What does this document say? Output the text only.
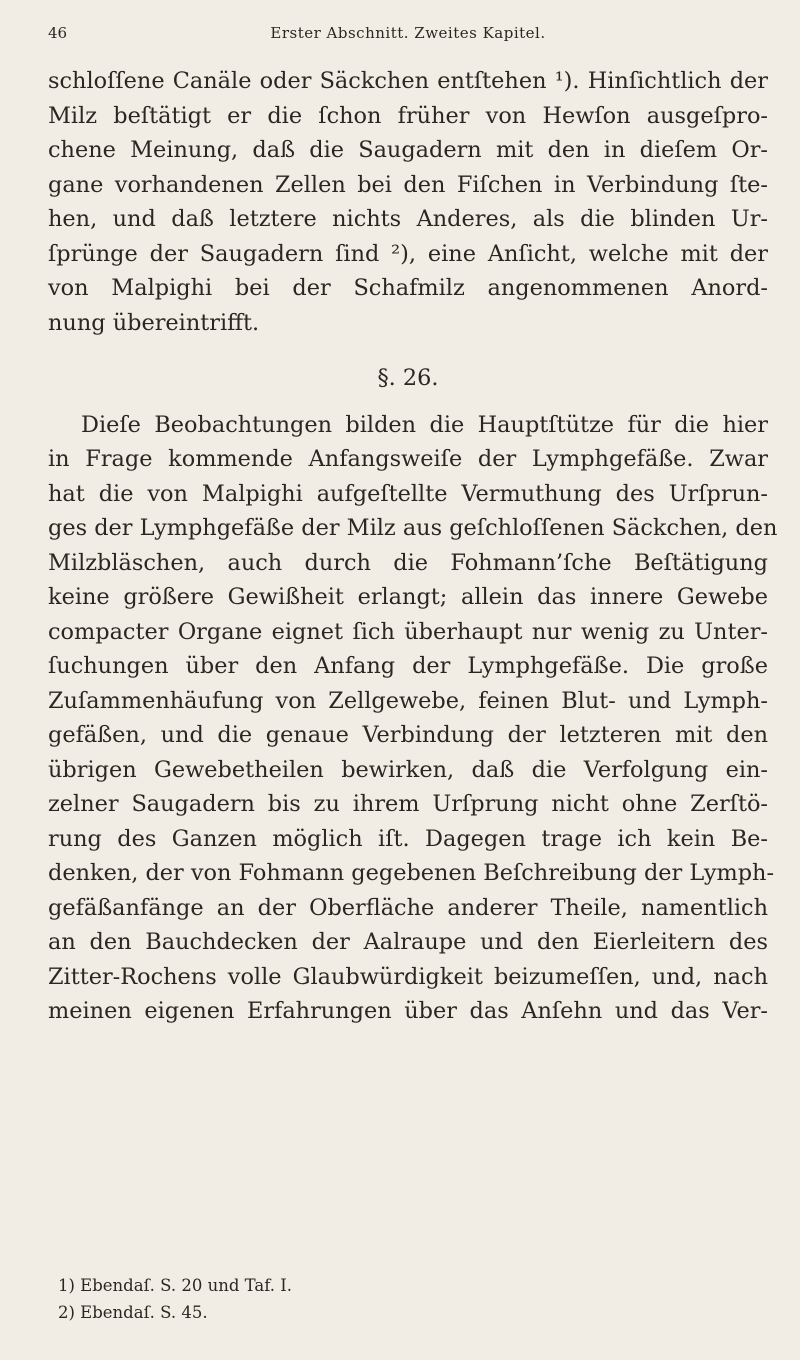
46	Erster Abschnitt. Zweites Kapitel.
schloſſene Canäle oder Säckchen entſtehen ¹). Hinſichtlich der
Milz beſtätigt er die ſchon früher von Hewſon ausgeſpro-
chene Meinung, daß die Saugadern mit den in dieſem Or-
gane vorhandenen Zellen bei den Fiſchen in Verbindung ſte-
hen, und daß letztere nichts Anderes, als die blinden Ur-
ſprünge der Saugadern ſind ²), eine Anſicht, welche mit der
von Malpighi bei der Schafmilz angenommenen Anord-
nung übereintrifft.
§. 26.
Dieſe Beobachtungen bilden die Hauptſtütze für die hier
in Frage kommende Anfangsweiſe der Lymphgefäße. Zwar
hat die von Malpighi aufgeſtellte Vermuthung des Urſprun-
ges der Lymphgefäße der Milz aus geſchloſſenen Säckchen, den
Milzbläschen, auch durch die Fohmann’ſche Beſtätigung
keine größere Gewißheit erlangt; allein das innere Gewebe
compacter Organe eignet ſich überhaupt nur wenig zu Unter-
ſuchungen über den Anfang der Lymphgefäße. Die große
Zuſammenhäufung von Zellgewebe, feinen Blut- und Lymph-
gefäßen, und die genaue Verbindung der letzteren mit den
übrigen Gewebetheilen bewirken, daß die Verfolgung ein-
zelner Saugadern bis zu ihrem Urſprung nicht ohne Zerſtö-
rung des Ganzen möglich iſt. Dagegen trage ich kein Be-
denken, der von Fohmann gegebenen Beſchreibung der Lymph-
gefäßanfänge an der Oberfläche anderer Theile, namentlich
an den Bauchdecken der Aalraupe und den Eierleitern des
Zitter-Rochens volle Glaubwürdigkeit beizumeſſen, und, nach
meinen eigenen Erfahrungen über das Anſehn und das Ver-
1) Ebendaſ. S. 20 und Taf. I.
2) Ebendaſ. S. 45.
